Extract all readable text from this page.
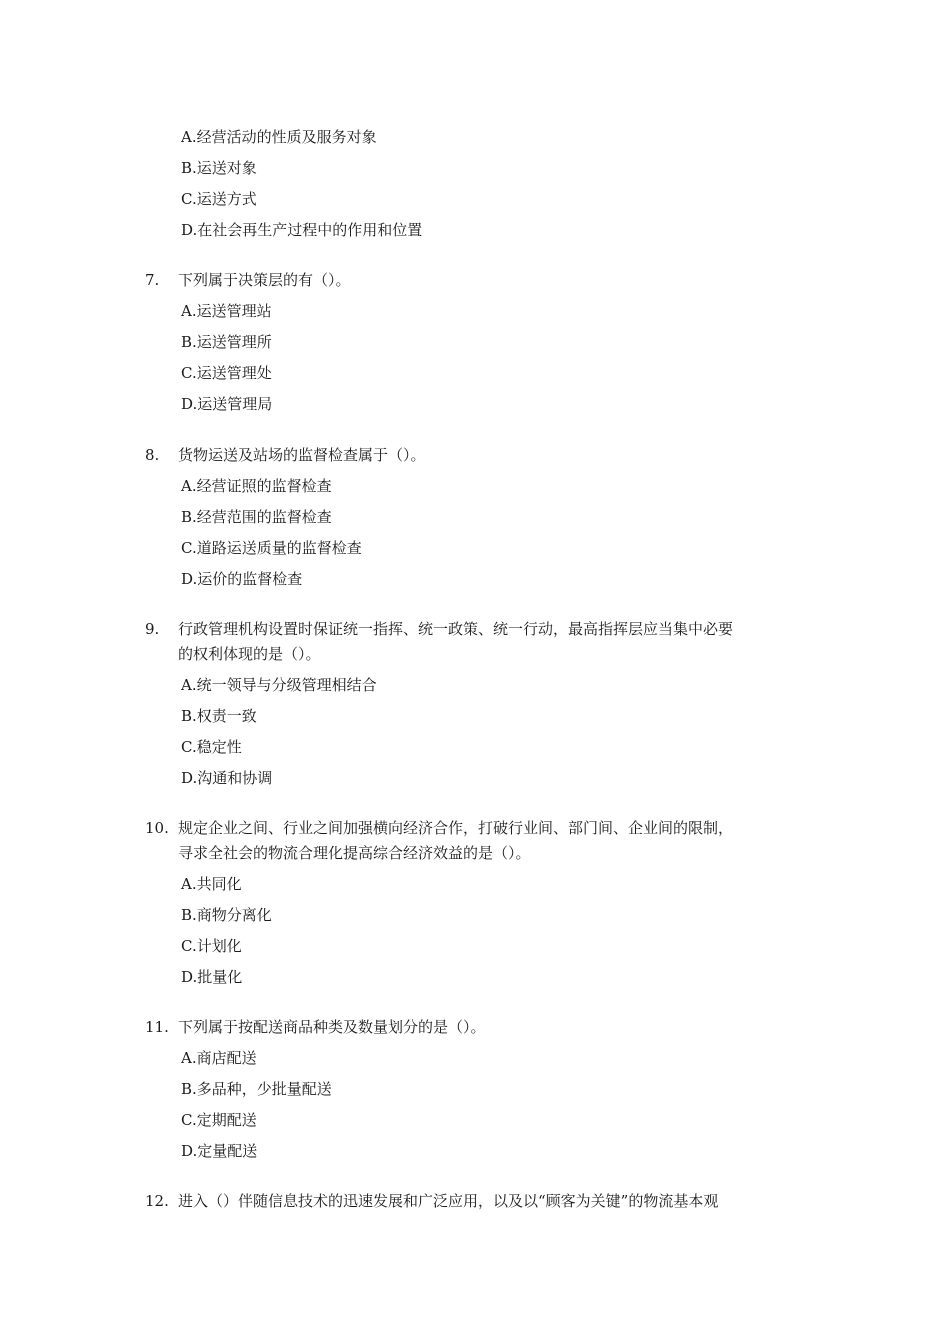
A.经营活动的性质及服务对象
B.运送对象
C.运送方式
D.在社会再生产过程中的作用和位置
7. 下列属于决策层的有（）。
A.运送管理站
B.运送管理所
C.运送管理处
D.运送管理局
8. 货物运送及站场的监督检查属于（）。
A.经营证照的监督检查
B.经营范围的监督检查
C.道路运送质量的监督检查
D.运价的监督检查
9. 行政管理机构设置时保证统一指挥、统一政策、统一行动，最高指挥层应当集中必要
的权利体现的是（）。
A.统一领导与分级管理相结合
B.权责一致
C.稳定性
D.沟通和协调
10. 规定企业之间、行业之间加强横向经济合作，打破行业间、部门间、企业间的限制，
寻求全社会的物流合理化提高综合经济效益的是（）。
A.共同化
B.商物分离化
C.计划化
D.批量化
11. 下列属于按配送商品种类及数量划分的是（）。
A.商店配送
B.多品种，少批量配送
C.定期配送
D.定量配送
12. 进入（）伴随信息技术的迅速发展和广泛应用，以及以“顾客为关键”的物流基本观
